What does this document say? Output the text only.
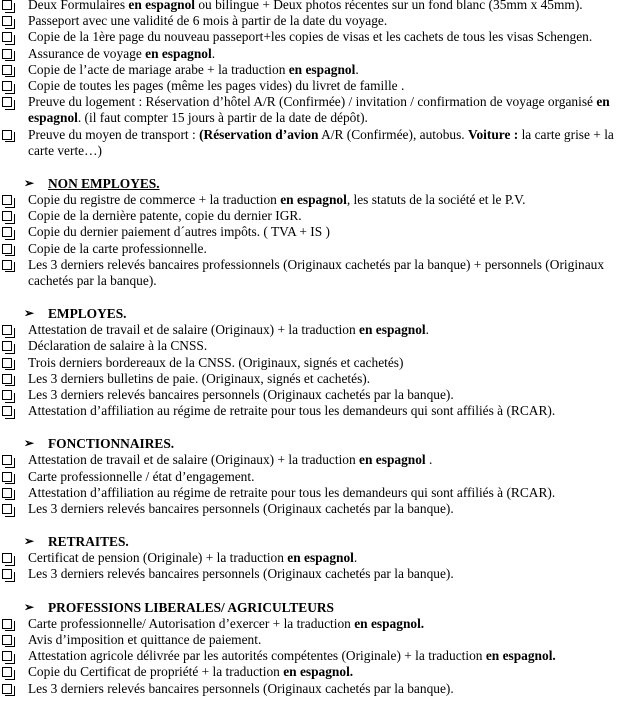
Deux Formulaires en espagnol ou bilingue + Deux photos récentes sur un fond blanc (35mm x 45mm).
Passeport avec une validité de 6 mois à partir de la date du voyage.
Copie de la 1ère page du nouveau passeport+les copies de visas et les cachets de tous les visas Schengen.
Assurance de voyage en espagnol.
Copie de l’acte de mariage arabe + la traduction en espagnol.
Copie de toutes les pages (même les pages vides) du livret de famille .
Preuve du logement : Réservation d’hôtel A/R (Confirmée) / invitation / confirmation de voyage organisé en espagnol. (il faut compter 15 jours à partir de la date de dépôt).
Preuve du moyen de transport : (Réservation d’avion A/R (Confirmée), autobus. Voiture : la carte grise + la carte verte…)
➢ NON EMPLOYES.
Copie du registre de commerce + la traduction en espagnol, les statuts de la société et le P.V.
Copie de la dernière patente, copie du dernier IGR.
Copie du dernier paiement d´autres impôts. ( TVA + IS )
Copie de la carte professionnelle.
Les 3 derniers relevés bancaires professionnels (Originaux cachetés par la banque) + personnels (Originaux cachetés par la banque).
➢ EMPLOYES.
Attestation de travail et de salaire (Originaux) + la traduction en espagnol.
Déclaration de salaire à la CNSS.
Trois derniers bordereaux de la CNSS. (Originaux, signés et cachetés)
Les 3 derniers bulletins de paie. (Originaux, signés et cachetés).
Les 3 derniers relevés bancaires personnels (Originaux cachetés par la banque).
Attestation d’affiliation au régime de retraite pour tous les demandeurs qui sont affiliés à (RCAR).
➢ FONCTIONNAIRES.
Attestation de travail et de salaire (Originaux) + la traduction en espagnol .
Carte professionnelle / état d’engagement.
Attestation d’affiliation au régime de retraite pour tous les demandeurs qui sont affiliés à (RCAR).
Les 3 derniers relevés bancaires personnels (Originaux cachetés par la banque).
➢ RETRAITES.
Certificat de pension (Originale) + la traduction en espagnol.
Les 3 derniers relevés bancaires personnels (Originaux cachetés par la banque).
➢ PROFESSIONS LIBERALES/ AGRICULTEURS
Carte professionnelle/ Autorisation d’exercer + la traduction en espagnol.
Avis d’imposition et quittance de paiement.
Attestation agricole délivrée par les autorités compétentes (Originale) + la traduction en espagnol.
Copie du Certificat de propriété + la traduction en espagnol.
Les 3 derniers relevés bancaires personnels (Originaux cachetés par la banque).
